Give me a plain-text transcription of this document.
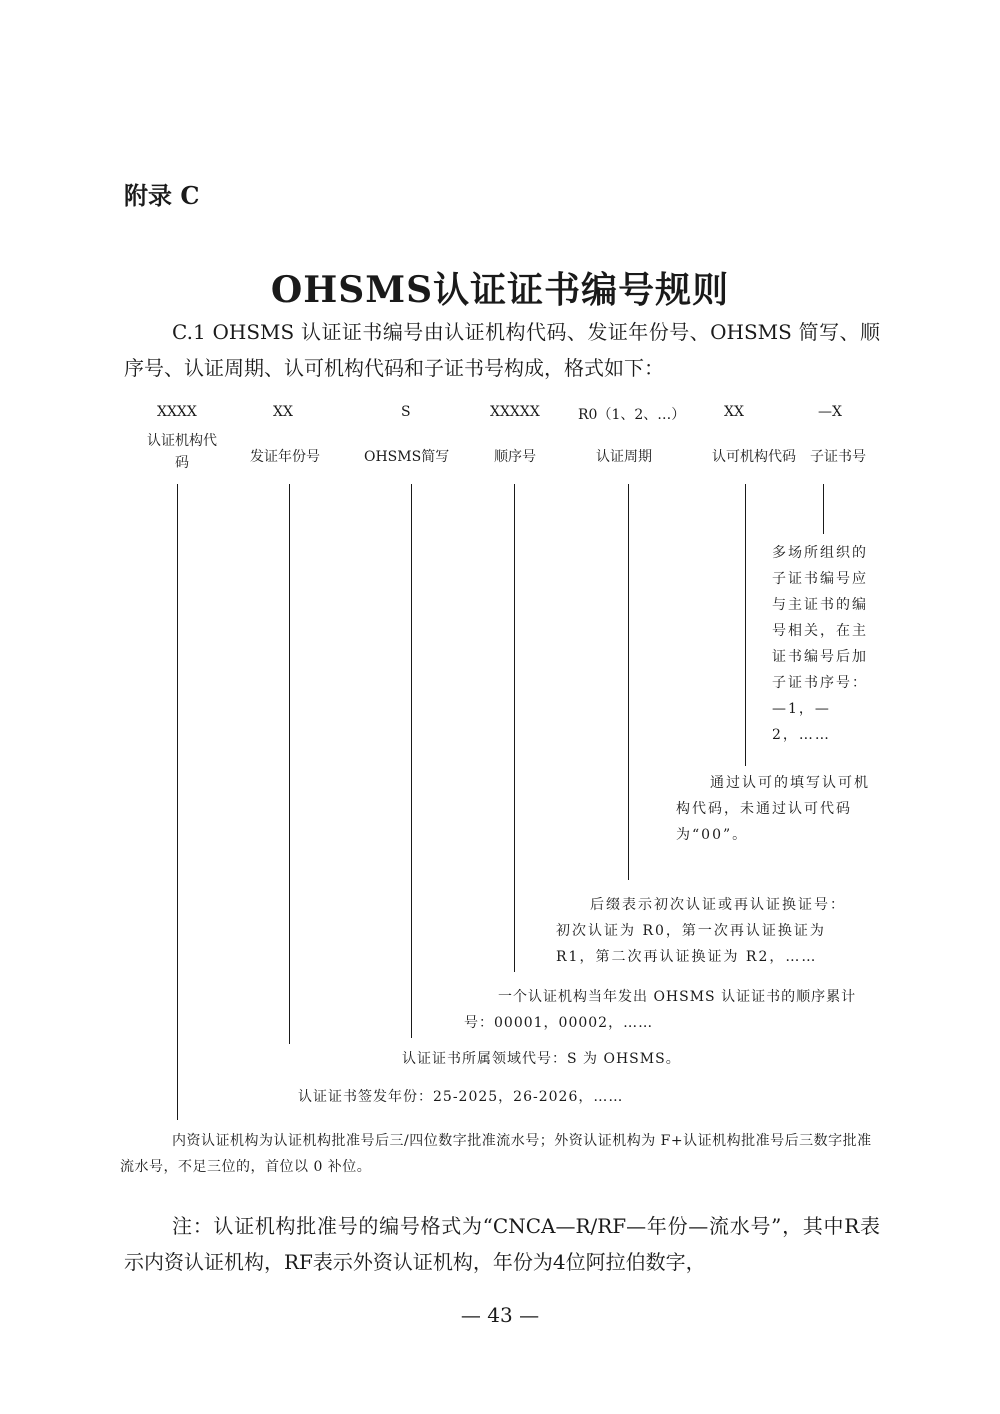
附录 C
OHSMS认证证书编号规则
C.1 OHSMS 认证证书编号由认证机构代码、发证年份号、OHSMS 简写、顺序号、认证周期、认可机构代码和子证书号构成，格式如下：
XXXX	XX	S	XXXXX	R0（1、2、…）	XX	—X
认证机构代码	发证年份号	OHSMS简写	顺序号	认证周期	认可机构代码 子证书号
多场所组织的子证书编号应与主证书的编号相关，在主证书编号后加子证书序号：—1，—2，……
通过认可的填写认可机构代码，未通过认可代码为“00”。
后缀表示初次认证或再认证换证号：初次认证为 R0，第一次再认证换证为 R1，第二次再认证换证为 R2，……
一个认证机构当年发出 OHSMS 认证证书的顺序累计号：00001，00002，……
认证证书所属领域代号：S 为 OHSMS。
认证证书签发年份：25-2025，26-2026，……
内资认证机构为认证机构批准号后三/四位数字批准流水号；外资认证机构为 F+认证机构批准号后三数字批准流水号，不足三位的，首位以 0 补位。
注：认证机构批准号的编号格式为“CNCA—R/RF—年份—流水号”，其中R表示内资认证机构，RF表示外资认证机构，年份为4位阿拉伯数字，
— 43 —
